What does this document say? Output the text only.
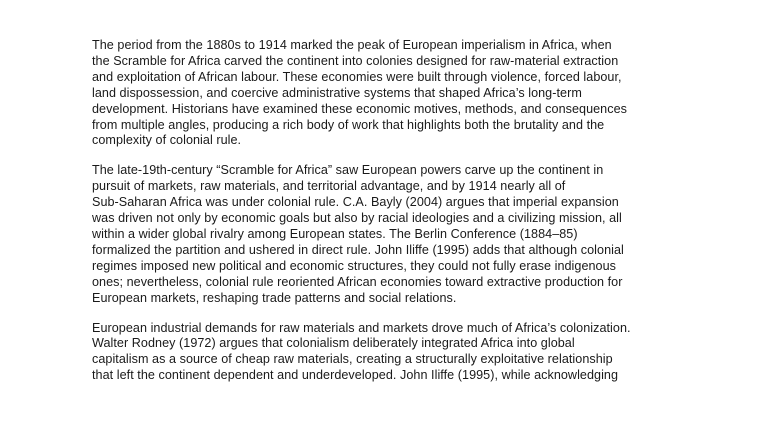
The period from the 1880s to 1914 marked the peak of European imperialism in Africa, when
the Scramble for Africa carved the continent into colonies designed for raw-material extraction
and exploitation of African labour. These economies were built through violence, forced labour,
land dispossession, and coercive administrative systems that shaped Africa’s long-term
development. Historians have examined these economic motives, methods, and consequences
from multiple angles, producing a rich body of work that highlights both the brutality and the
complexity of colonial rule.
The late-19th-century “Scramble for Africa” saw European powers carve up the continent in
pursuit of markets, raw materials, and territorial advantage, and by 1914 nearly all of
Sub-Saharan Africa was under colonial rule. C.A. Bayly (2004) argues that imperial expansion
was driven not only by economic goals but also by racial ideologies and a civilizing mission, all
within a wider global rivalry among European states. The Berlin Conference (1884–85)
formalized the partition and ushered in direct rule. John Iliffe (1995) adds that although colonial
regimes imposed new political and economic structures, they could not fully erase indigenous
ones; nevertheless, colonial rule reoriented African economies toward extractive production for
European markets, reshaping trade patterns and social relations.
European industrial demands for raw materials and markets drove much of Africa’s colonization.
Walter Rodney (1972) argues that colonialism deliberately integrated Africa into global
capitalism as a source of cheap raw materials, creating a structurally exploitative relationship
that left the continent dependent and underdeveloped. John Iliffe (1995), while acknowledging
